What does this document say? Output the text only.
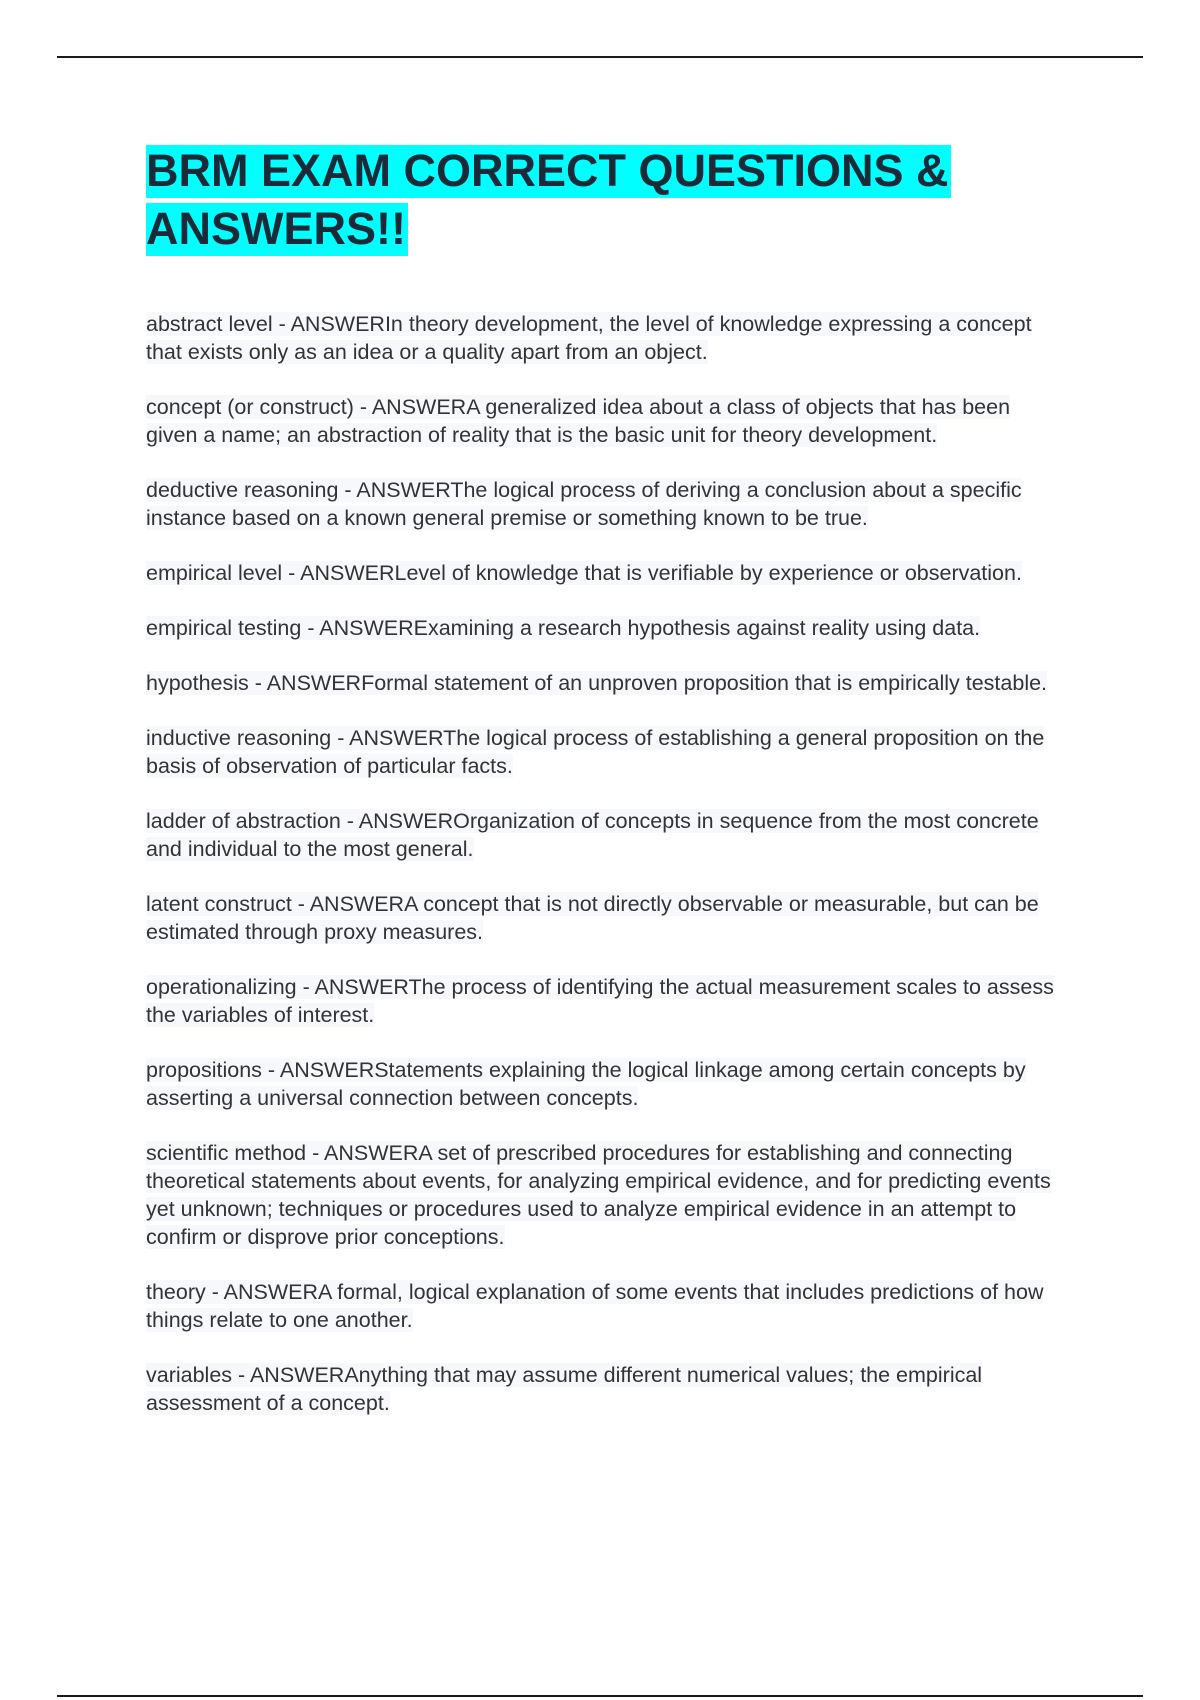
BRM EXAM CORRECT QUESTIONS & ANSWERS!!
abstract level - ANSWERIn theory development, the level of knowledge expressing a concept that exists only as an idea or a quality apart from an object.
concept (or construct) - ANSWERA generalized idea about a class of objects that has been given a name; an abstraction of reality that is the basic unit for theory development.
deductive reasoning - ANSWERThe logical process of deriving a conclusion about a specific instance based on a known general premise or something known to be true.
empirical level - ANSWERLevel of knowledge that is verifiable by experience or observation.
empirical testing - ANSWERExamining a research hypothesis against reality using data.
hypothesis - ANSWERFormal statement of an unproven proposition that is empirically testable.
inductive reasoning - ANSWERThe logical process of establishing a general proposition on the basis of observation of particular facts.
ladder of abstraction - ANSWEROrganization of concepts in sequence from the most concrete and individual to the most general.
latent construct - ANSWERA concept that is not directly observable or measurable, but can be estimated through proxy measures.
operationalizing - ANSWERThe process of identifying the actual measurement scales to assess the variables of interest.
propositions - ANSWERStatements explaining the logical linkage among certain concepts by asserting a universal connection between concepts.
scientific method - ANSWERA set of prescribed procedures for establishing and connecting theoretical statements about events, for analyzing empirical evidence, and for predicting events yet unknown; techniques or procedures used to analyze empirical evidence in an attempt to confirm or disprove prior conceptions.
theory - ANSWERA formal, logical explanation of some events that includes predictions of how things relate to one another.
variables - ANSWERAnything that may assume different numerical values; the empirical assessment of a concept.
